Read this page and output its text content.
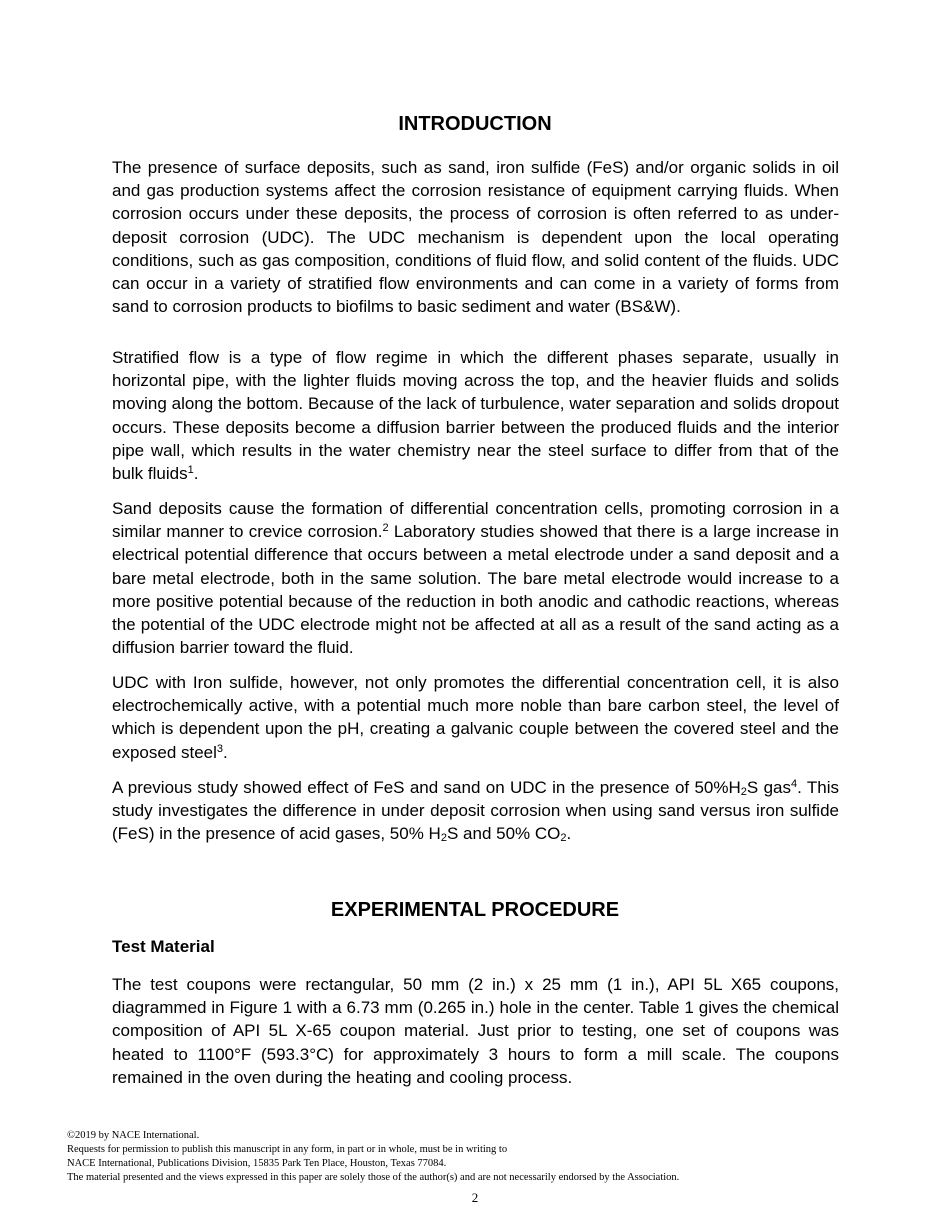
INTRODUCTION

The presence of surface deposits, such as sand, iron sulfide (FeS) and/or organic solids in oil and gas production systems affect the corrosion resistance of equipment carrying fluids. When corrosion occurs under these deposits, the process of corrosion is often referred to as under-deposit corrosion (UDC). The UDC mechanism is dependent upon the local operating conditions, such as gas composition, conditions of fluid flow, and solid content of the fluids. UDC can occur in a variety of stratified flow environments and can come in a variety of forms from sand to corrosion products to biofilms to basic sediment and water (BS&W).

Stratified flow is a type of flow regime in which the different phases separate, usually in horizontal pipe, with the lighter fluids moving across the top, and the heavier fluids and solids moving along the bottom. Because of the lack of turbulence, water separation and solids dropout occurs. These deposits become a diffusion barrier between the produced fluids and the interior pipe wall, which results in the water chemistry near the steel surface to differ from that of the bulk fluids$^1$.

Sand deposits cause the formation of differential concentration cells, promoting corrosion in a similar manner to crevice corrosion.$^2$ Laboratory studies showed that there is a large increase in electrical potential difference that occurs between a metal electrode under a sand deposit and a bare metal electrode, both in the same solution. The bare metal electrode would increase to a more positive potential because of the reduction in both anodic and cathodic reactions, whereas the potential of the UDC electrode might not be affected at all as a result of the sand acting as a diffusion barrier toward the fluid.

UDC with Iron sulfide, however, not only promotes the differential concentration cell, it is also electrochemically active, with a potential much more noble than bare carbon steel, the level of which is dependent upon the pH, creating a galvanic couple between the covered steel and the exposed steel$^3$.

A previous study showed effect of FeS and sand on UDC in the presence of $50\%H_2S$ gas$^4$. This study investigates the difference in under deposit corrosion when using sand versus iron sulfide (FeS) in the presence of acid gases, 50% $H_2S$ and 50% $CO_2$.

EXPERIMENTAL PROCEDURE
Test Material

The test coupons were rectangular, 50 mm (2 in.) x 25 mm (1 in.), API 5L X65 coupons, diagrammed in Figure 1 with a 6.73 mm (0.265 in.) hole in the center. Table 1 gives the chemical composition of API 5L X-65 coupon material. Just prior to testing, one set of coupons was heated to 1100°F (593.3°C) for approximately 3 hours to form a mill scale. The coupons remained in the oven during the heating and cooling process.

©2019 by NACE International.
Requests for permission to publish this manuscript in any form, in part or in whole, must be in writing to
NACE International, Publications Division, 15835 Park Ten Place, Houston, Texas 77084.
The material presented and the views expressed in this paper are solely those of the author(s) and are not necessarily endorsed by the Association.
2
